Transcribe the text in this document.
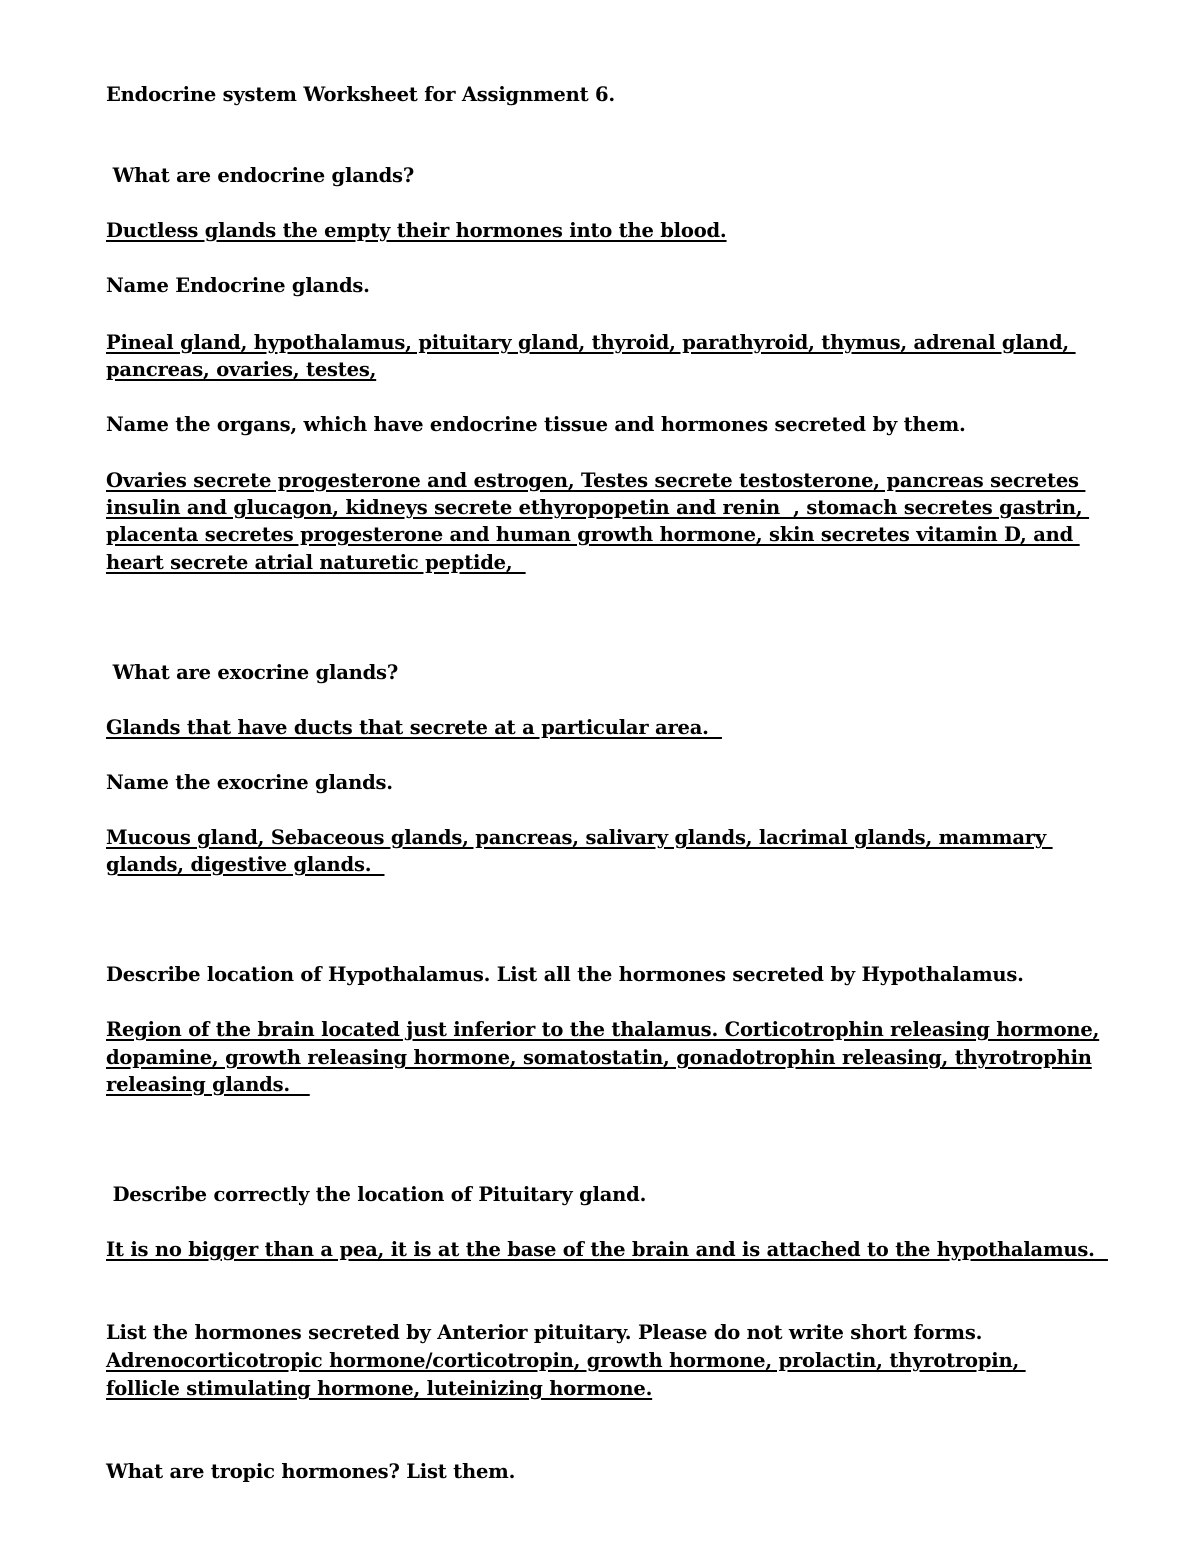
Endocrine system Worksheet for Assignment 6.

What are endocrine glands?

Ductless glands the empty their hormones into the blood.

Name Endocrine glands.

Pineal gland, hypothalamus, pituitary gland, thyroid, parathyroid, thymus, adrenal gland,

pancreas, ovaries, testes,

Name the organs, which have endocrine tissue and hormones secreted by them.

Ovaries secrete progesterone and estrogen, Testes secrete testosterone, pancreas secretes

insulin and glucagon, kidneys secrete ethyropopetin and renin  , stomach secretes gastrin,

placenta secretes progesterone and human growth hormone, skin secretes vitamin D, and

heart secrete atrial naturetic peptide,

What are exocrine glands?

Glands that have ducts that secrete at a particular area.

Name the exocrine glands.

Mucous gland, Sebaceous glands, pancreas, salivary glands, lacrimal glands, mammary

glands, digestive glands.

Describe location of Hypothalamus. List all the hormones secreted by Hypothalamus.

Region of the brain located just inferior to the thalamus. Corticotrophin releasing hormone,

dopamine, growth releasing hormone, somatostatin, gonadotrophin releasing, thyrotrophin

releasing glands.

Describe correctly the location of Pituitary gland.

It is no bigger than a pea, it is at the base of the brain and is attached to the hypothalamus.

List the hormones secreted by Anterior pituitary. Please do not write short forms.

Adrenocorticotropic hormone/corticotropin, growth hormone, prolactin, thyrotropin,

follicle stimulating hormone, luteinizing hormone.

What are tropic hormones? List them.
